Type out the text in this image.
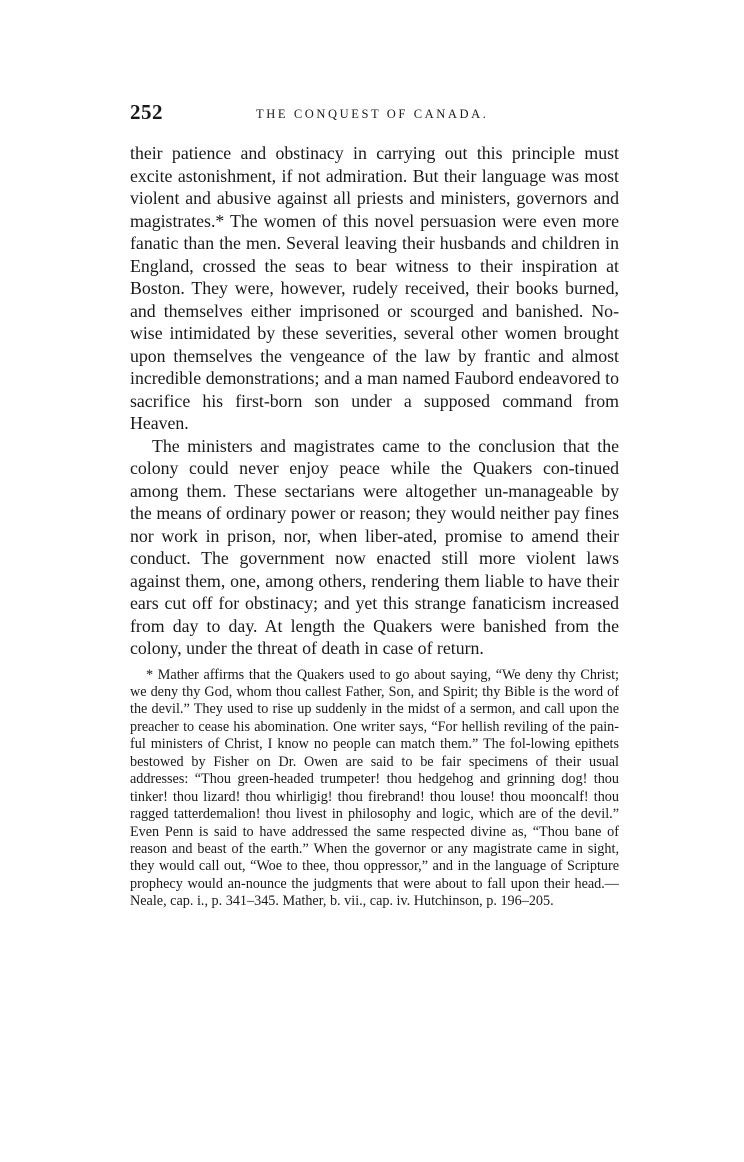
252	THE CONQUEST OF CANADA.

their patience and obstinacy in carrying out this principle must excite astonishment, if not admiration. But their language was most violent and abusive against all priests and ministers, governors and magistrates.* The women of this novel persuasion were even more fanatic than the men. Several leaving their husbands and children in England, crossed the seas to bear witness to their inspiration at Boston. They were, however, rudely received, their books burned, and themselves either imprisoned or scourged and banished. No-wise intimidated by these severities, several other women brought upon themselves the vengeance of the law by frantic and almost incredible demonstrations; and a man named Faubord endeavored to sacrifice his first-born son under a supposed command from Heaven.

The ministers and magistrates came to the conclusion that the colony could never enjoy peace while the Quakers con-tinued among them. These sectarians were altogether un-manageable by the means of ordinary power or reason; they would neither pay fines nor work in prison, nor, when liber-ated, promise to amend their conduct. The government now enacted still more violent laws against them, one, among others, rendering them liable to have their ears cut off for obstinacy; and yet this strange fanaticism increased from day to day. At length the Quakers were banished from the colony, under the threat of death in case of return.

* Mather affirms that the Quakers used to go about saying, “We deny thy Christ; we deny thy God, whom thou callest Father, Son, and Spirit; thy Bible is the word of the devil.” They used to rise up suddenly in the midst of a sermon, and call upon the preacher to cease his abomination. One writer says, “For hellish reviling of the pain-ful ministers of Christ, I know no people can match them.” The fol-lowing epithets bestowed by Fisher on Dr. Owen are said to be fair specimens of their usual addresses: “Thou green-headed trumpeter! thou hedgehog and grinning dog! thou tinker! thou lizard! thou whirligig! thou firebrand! thou louse! thou mooncalf! thou ragged tatterdemalion! thou livest in philosophy and logic, which are of the devil.” Even Penn is said to have addressed the same respected divine as, “Thou bane of reason and beast of the earth.” When the governor or any magistrate came in sight, they would call out, “Woe to thee, thou oppressor,” and in the language of Scripture prophecy would an-nounce the judgments that were about to fall upon their head.—Neale, cap. i., p. 341–345. Mather, b. vii., cap. iv. Hutchinson, p. 196–205.
